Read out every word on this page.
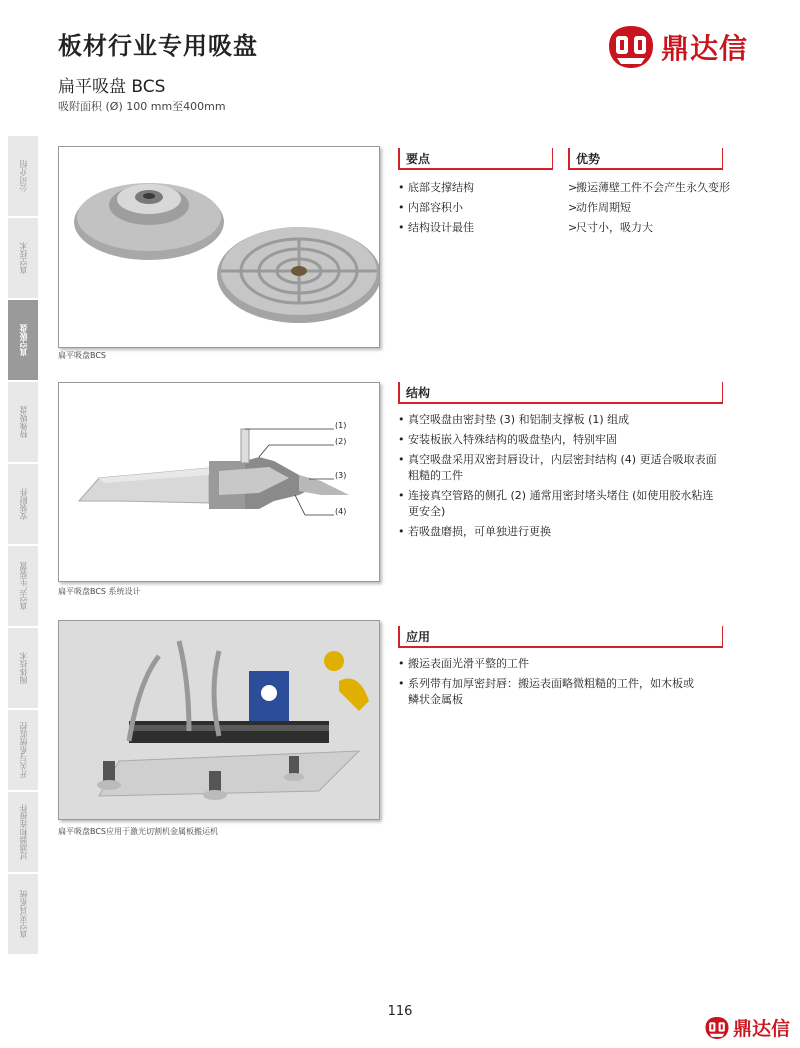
板材行业专用吸盘
扁平吸盘 BCS
吸附面积 (Ø) 100 mm至400mm
鼎达信
公司介绍
真空技术
真空吸盘
特殊吸盘
安装附件
真空产生装置
阀体技术
开关与系统监控
过滤器和连接件
真空夹具系统
扁平吸盘BCS
要点
• 底部支撑结构
• 内部容积小
• 结构设计最佳
优势
> 搬运薄壁工件不会产生永久变形
> 动作周期短
> 尺寸小，吸力大
(1)
(2)
(3)
(4)
扁平吸盘BCS 系统设计
结构
• 真空吸盘由密封垫 (3) 和铝制支撑板 (1) 组成
• 安装板嵌入特殊结构的吸盘垫内，特别牢固
• 真空吸盘采用双密封唇设计，内层密封结构 (4) 更适合吸取表面粗糙的工件
• 连接真空管路的侧孔 (2) 通常用密封堵头堵住 (如使用胶水粘连更安全)
• 若吸盘磨损，可单独进行更换
扁平吸盘BCS应用于激光切割机金属板搬运机
应用
• 搬运表面光滑平整的工件
• 系列带有加厚密封唇：搬运表面略微粗糙的工件，如木板或鳞状金属板
116
鼎达信
